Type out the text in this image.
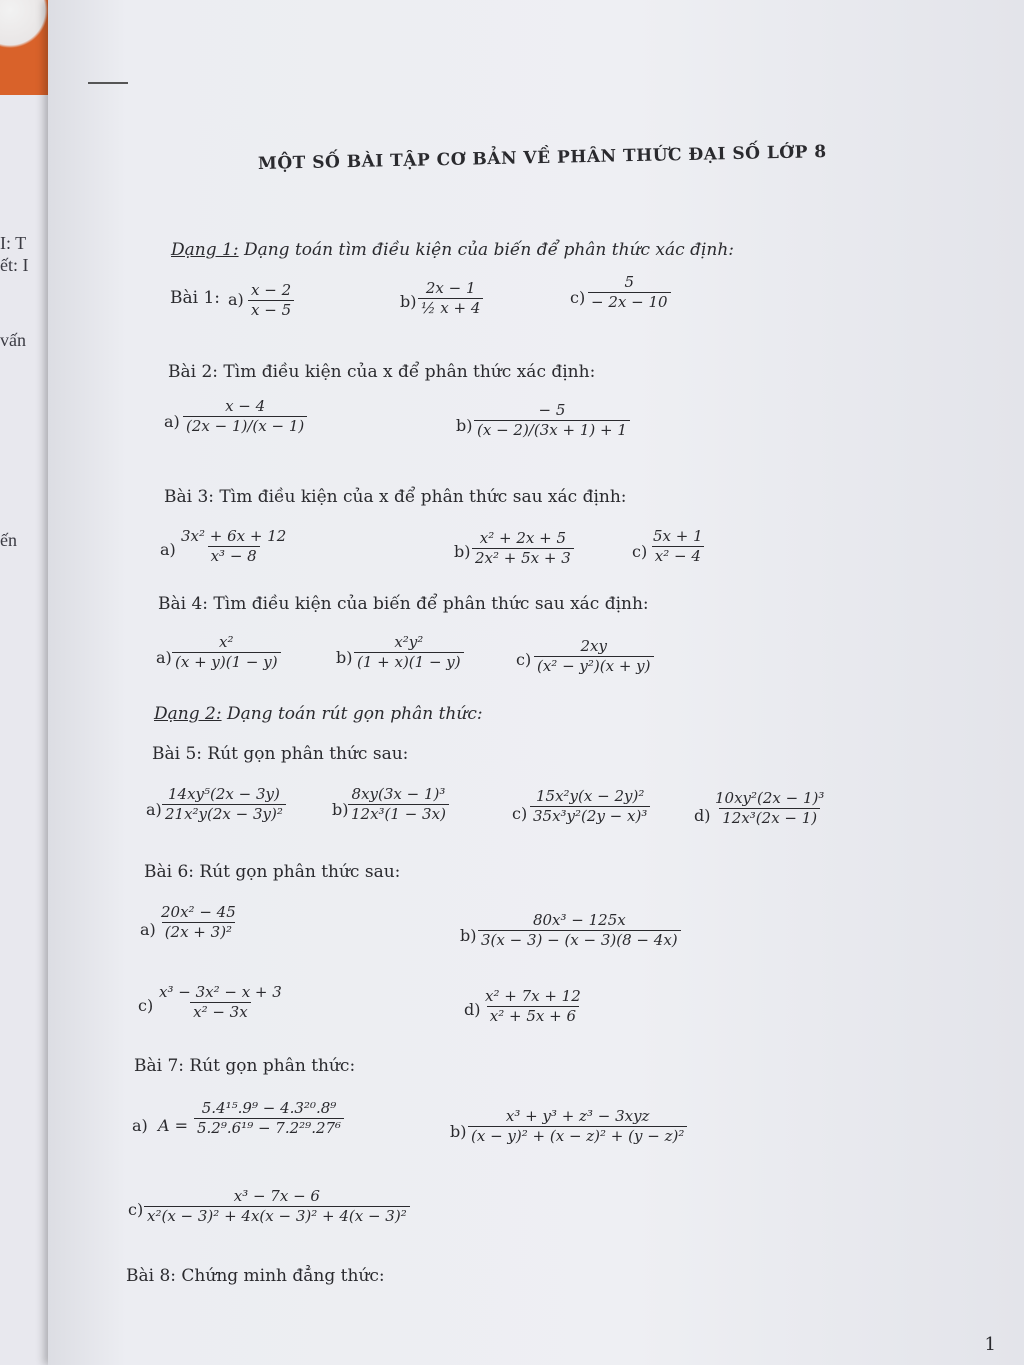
I: T
ết: I
vấn
ến
MỘT SỐ BÀI TẬP CƠ BẢN VỀ PHÂN THỨC ĐẠI SỐ LỚP 8
Dạng 1: Dạng toán tìm điều kiện của biến để phân thức xác định:
Bài 1: $a) \frac{x - 2}{x - 5}$	$b) \frac{2x - 1}{\text{½ x + 4}}$	$c) \frac{5}{- 2x - 10}$
Bài 2: Tìm điều kiện của x để phân thức xác định:
$a) \frac{x - 4}{(2x - 1)/(x - 1)}$	$b) \frac{- 5}{(x - 2)/(3x + 1) + 1}$
Bài 3: Tìm điều kiện của x để phân thức sau xác định:
$a) \frac{\text{3x² + 6x + 12}}{\text{x³ − 8}}$	$b) \frac{\text{x² + 2x + 5}}{\text{2x² + 5x + 3}}$	$c) \frac{5x + 1}{\text{x² − 4}}$
Bài 4: Tìm điều kiện của biến để phân thức sau xác định:
$a) \frac{\text{x²}}{(x + y)(1 - y)}$	$b) \frac{\text{x²y²}}{(1 + x)(1 - y)}$	$c) \frac{2xy}{\text{(x² − y²)(x + y)}}$
Dạng 2: Dạng toán rút gọn phân thức:
Bài 5: Rút gọn phân thức sau:
$a) \frac{\text{14xy⁵(2x − 3y)}}{\text{21x²y(2x − 3y)²}}$	$b) \frac{\text{8xy(3x − 1)³}}{\text{12x³(1 − 3x)}}$	$c) \frac{\text{15x²y(x − 2y)²}}{\text{35x³y²(2y − x)³}}$	$d) \frac{\text{10xy²(2x − 1)³}}{\text{12x³(2x − 1)}}$
Bài 6: Rút gọn phân thức sau:
$a) \frac{\text{20x² − 45}}{\text{(2x + 3)²}}$	$b) \frac{\text{80x³ − 125x}}{3(x - 3) - (x - 3)(8 - 4x)}$
$c) \frac{\text{x³ − 3x² − x + 3}}{\text{x² − 3x}}$	$d) \frac{\text{x² + 7x + 12}}{\text{x² + 5x + 6}}$
Bài 7: Rút gọn phân thức:
a) $A = \frac{\text{5.4¹⁵.9⁹ − 4.3²⁰.8⁹}}{\text{5.2⁹.6¹⁹ − 7.2²⁹.27⁶}}$	b)
x³ + y³ + z³ − 3xyz
(x − y)² + (x − z)² + (y − z)²
$c) \frac{\text{x³ − 7x − 6}}{\text{x²(x − 3)² + 4x(x − 3)² + 4(x − 3)²}}$
Bài 8: Chứng minh đẳng thức:
1
